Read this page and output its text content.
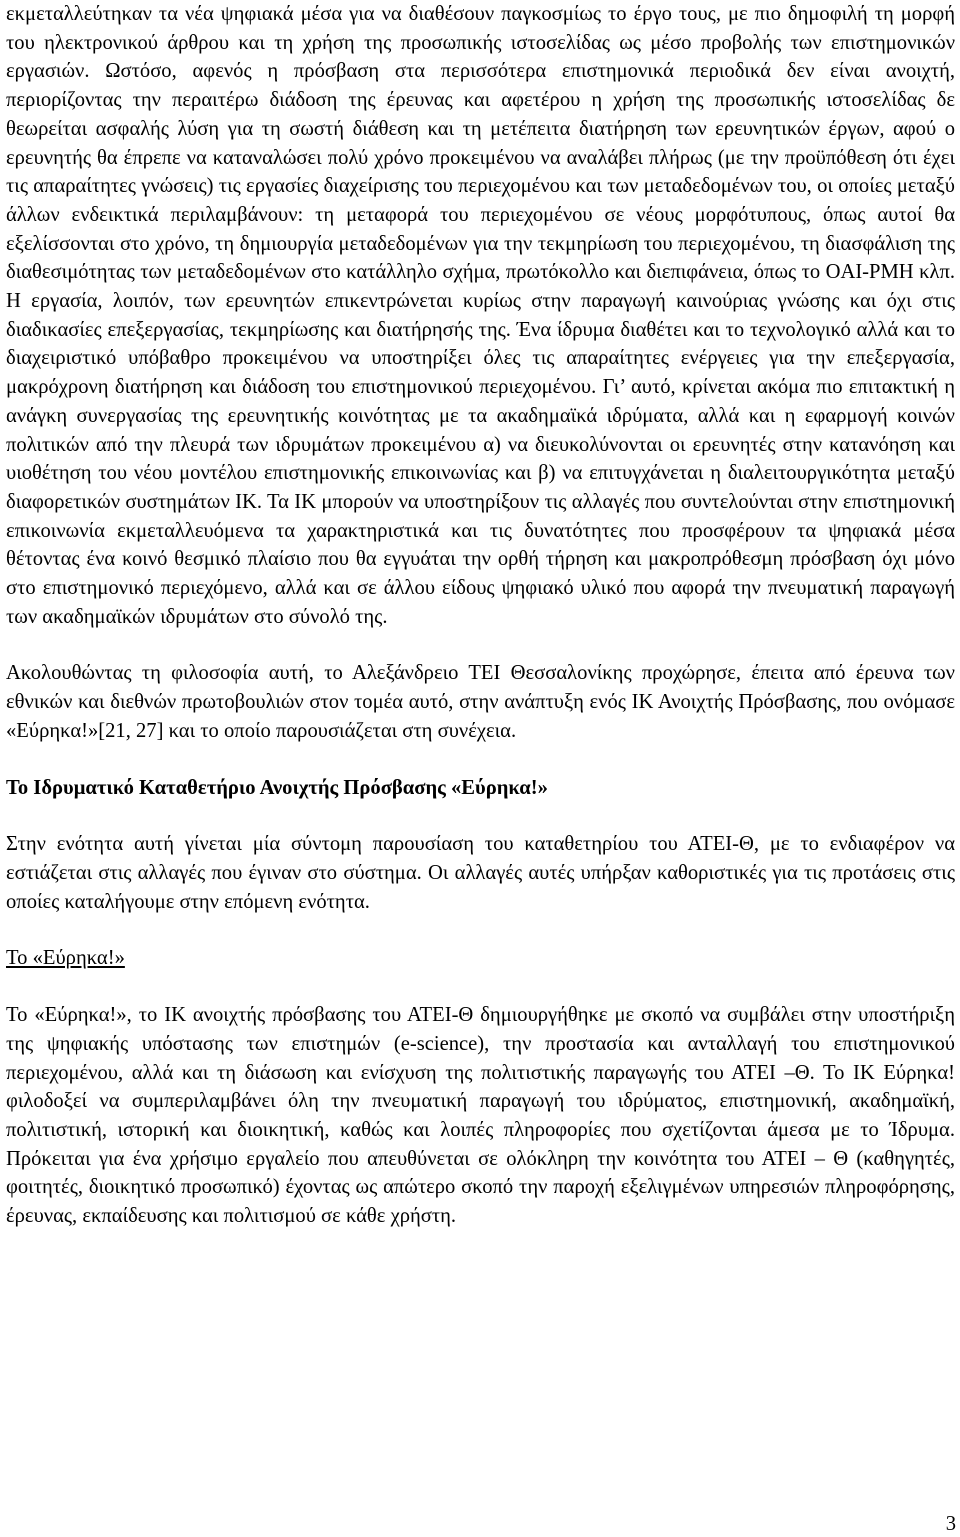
εκμεταλλεύτηκαν τα νέα ψηφιακά μέσα για να διαθέσουν παγκοσμίως το έργο τους, με πιο δημοφιλή τη μορφή του ηλεκτρονικού άρθρου και τη χρήση της προσωπικής ιστοσελίδας ως μέσο προβολής των επιστημονικών εργασιών. Ωστόσο, αφενός η πρόσβαση στα περισσότερα επιστημονικά περιοδικά δεν είναι ανοιχτή, περιορίζοντας την περαιτέρω διάδοση της έρευνας και αφετέρου η χρήση της προσωπικής ιστοσελίδας δε θεωρείται ασφαλής λύση για τη σωστή διάθεση και τη μετέπειτα διατήρηση των ερευνητικών έργων, αφού ο ερευνητής θα έπρεπε να καταναλώσει πολύ χρόνο προκειμένου να αναλάβει πλήρως (με την προϋπόθεση ότι έχει τις απαραίτητες γνώσεις) τις εργασίες διαχείρισης του περιεχομένου και των μεταδεδομένων του, οι οποίες μεταξύ άλλων ενδεικτικά περιλαμβάνουν: τη μεταφορά του περιεχομένου σε νέους μορφότυπους, όπως αυτοί θα εξελίσσονται στο χρόνο, τη δημιουργία μεταδεδομένων για την τεκμηρίωση του περιεχομένου, τη διασφάλιση της διαθεσιμότητας των μεταδεδομένων στο κατάλληλο σχήμα, πρωτόκολλο και διεπιφάνεια, όπως το OAI-PMH κλπ. Η εργασία, λοιπόν, των ερευνητών επικεντρώνεται κυρίως στην παραγωγή καινούριας γνώσης και όχι στις διαδικασίες επεξεργασίας, τεκμηρίωσης και διατήρησής της. Ένα ίδρυμα διαθέτει και το τεχνολογικό αλλά και το διαχειριστικό υπόβαθρο προκειμένου να υποστηρίξει όλες τις απαραίτητες ενέργειες για την επεξεργασία, μακρόχρονη διατήρηση και διάδοση του επιστημονικού περιεχομένου. Γι’ αυτό, κρίνεται ακόμα πιο επιτακτική η ανάγκη συνεργασίας της ερευνητικής κοινότητας με τα ακαδημαϊκά ιδρύματα, αλλά και η εφαρμογή κοινών πολιτικών από την πλευρά των ιδρυμάτων προκειμένου α) να διευκολύνονται οι ερευνητές στην κατανόηση και υιοθέτηση του νέου μοντέλου επιστημονικής επικοινωνίας και β) να επιτυγχάνεται η διαλειτουργικότητα μεταξύ διαφορετικών συστημάτων ΙΚ. Τα ΙΚ μπορούν να υποστηρίξουν τις αλλαγές που συντελούνται στην επιστημονική επικοινωνία εκμεταλλευόμενα τα χαρακτηριστικά και τις δυνατότητες που προσφέρουν τα ψηφιακά μέσα θέτοντας ένα κοινό θεσμικό πλαίσιο που θα εγγυάται την ορθή τήρηση και μακροπρόθεσμη πρόσβαση όχι μόνο στο επιστημονικό περιεχόμενο, αλλά και σε άλλου είδους ψηφιακό υλικό που αφορά την πνευματική παραγωγή των ακαδημαϊκών ιδρυμάτων στο σύνολό της.

Ακολουθώντας τη φιλοσοφία αυτή, το Αλεξάνδρειο ΤΕΙ Θεσσαλονίκης προχώρησε, έπειτα από έρευνα των εθνικών και διεθνών πρωτοβουλιών στον τομέα αυτό, στην ανάπτυξη ενός ΙΚ Ανοιχτής Πρόσβασης, που ονόμασε «Εύρηκα!»[21, 27] και το οποίο παρουσιάζεται στη συνέχεια.

Το Ιδρυματικό Καταθετήριο Ανοιχτής Πρόσβασης «Εύρηκα!»

Στην ενότητα αυτή γίνεται μία σύντομη παρουσίαση του καταθετηρίου του ΑΤΕΙ-Θ, με το ενδιαφέρον να εστιάζεται στις αλλαγές που έγιναν στο σύστημα. Οι αλλαγές αυτές υπήρξαν καθοριστικές για τις προτάσεις στις οποίες καταλήγουμε στην επόμενη ενότητα.

Το «Εύρηκα!»

Το «Εύρηκα!», το ΙΚ ανοιχτής πρόσβασης του ΑΤΕΙ-Θ δημιουργήθηκε με σκοπό να συμβάλει στην υποστήριξη της ψηφιακής υπόστασης των επιστημών (e-science), την προστασία και ανταλλαγή του επιστημονικού περιεχομένου, αλλά και τη διάσωση και ενίσχυση της πολιτιστικής παραγωγής του ΑΤΕΙ –Θ. Το ΙΚ Εύρηκα! φιλοδοξεί να συμπεριλαμβάνει όλη την πνευματική παραγωγή του ιδρύματος, επιστημονική, ακαδημαϊκή, πολιτιστική, ιστορική και διοικητική, καθώς και λοιπές πληροφορίες που σχετίζονται άμεσα με το Ίδρυμα. Πρόκειται για ένα χρήσιμο εργαλείο που απευθύνεται σε ολόκληρη την κοινότητα του ΑΤΕΙ – Θ (καθηγητές, φοιτητές, διοικητικό προσωπικό) έχοντας ως απώτερο σκοπό την παροχή εξελιγμένων υπηρεσιών πληροφόρησης, έρευνας, εκπαίδευσης και πολιτισμού σε κάθε χρήστη.

3
